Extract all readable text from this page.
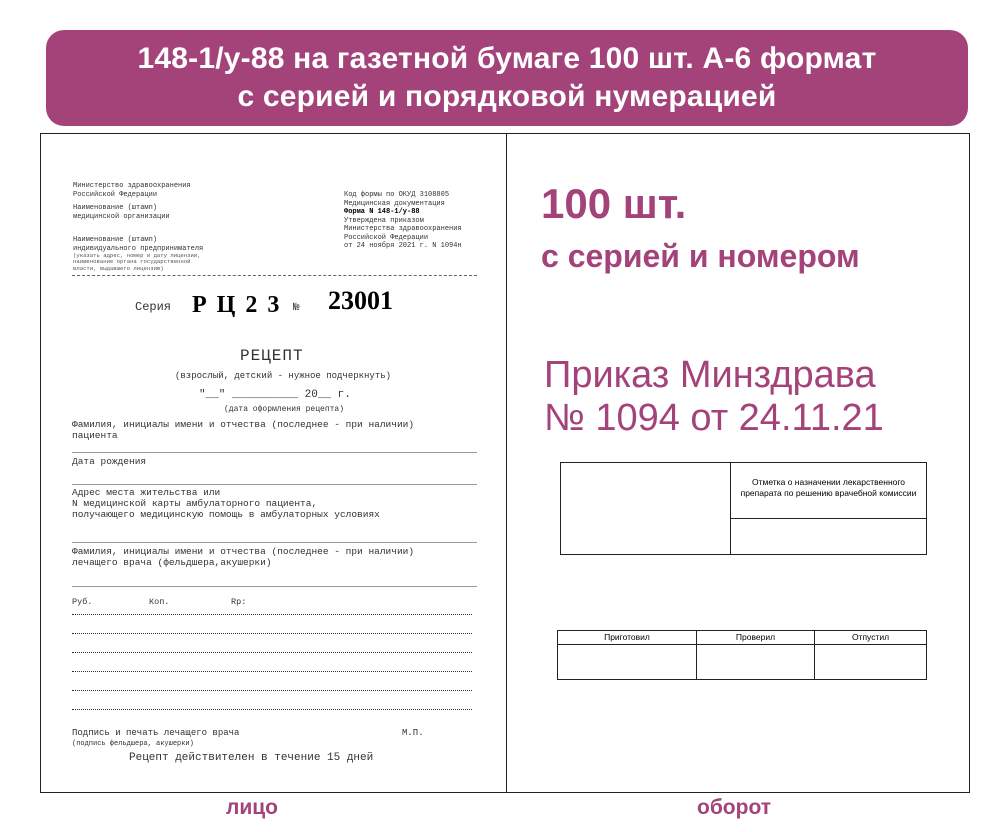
148-1/у-88 на газетной бумаге 100 шт. А-6 формат
с серией и порядковой нумерацией
Министерство здравоохранения
Российской Федерации
Наименование (штамп)
медицинской организации
Наименование (штамп)
индивидуального предпринимателя
(указать адрес, номер и дату лицензии,
наименование органа государственной
власти, выдавшего лицензию)
Код формы по ОКУД 3108805
Медицинская документация
Форма N 148-1/у-88
Утверждена приказом
Министерства здравоохранения
Российской Федерации
от 24 ноября 2021 г. N 1094н
Серия Р Ц 2 3 № 23001
РЕЦЕПТ
(взрослый, детский - нужное подчеркнуть)
"__" __________ 20__ г.
(дата оформления рецепта)
Фамилия, инициалы имени и отчества (последнее - при наличии)
пациента
Дата рождения
Адрес места жительства или
N медицинской карты амбулаторного пациента,
получающего медицинскую помощь в амбулаторных условиях
Фамилия, инициалы имени и отчества (последнее - при наличии)
лечащего врача (фельдшера,акушерки)
Руб.	Коп.	Rp:
Подпись и печать лечащего врача
(подпись фельдшера, акушерки)
М.П.
Рецепт действителен в течение 15 дней
100 шт.
с серией и номером
Приказ Минздрава
№ 1094 от 24.11.21
	Отметка о назначении лекарственного препарата по решению врачебной комиссии

Приготовил	Проверил	Отпустил

лицо	оборот
